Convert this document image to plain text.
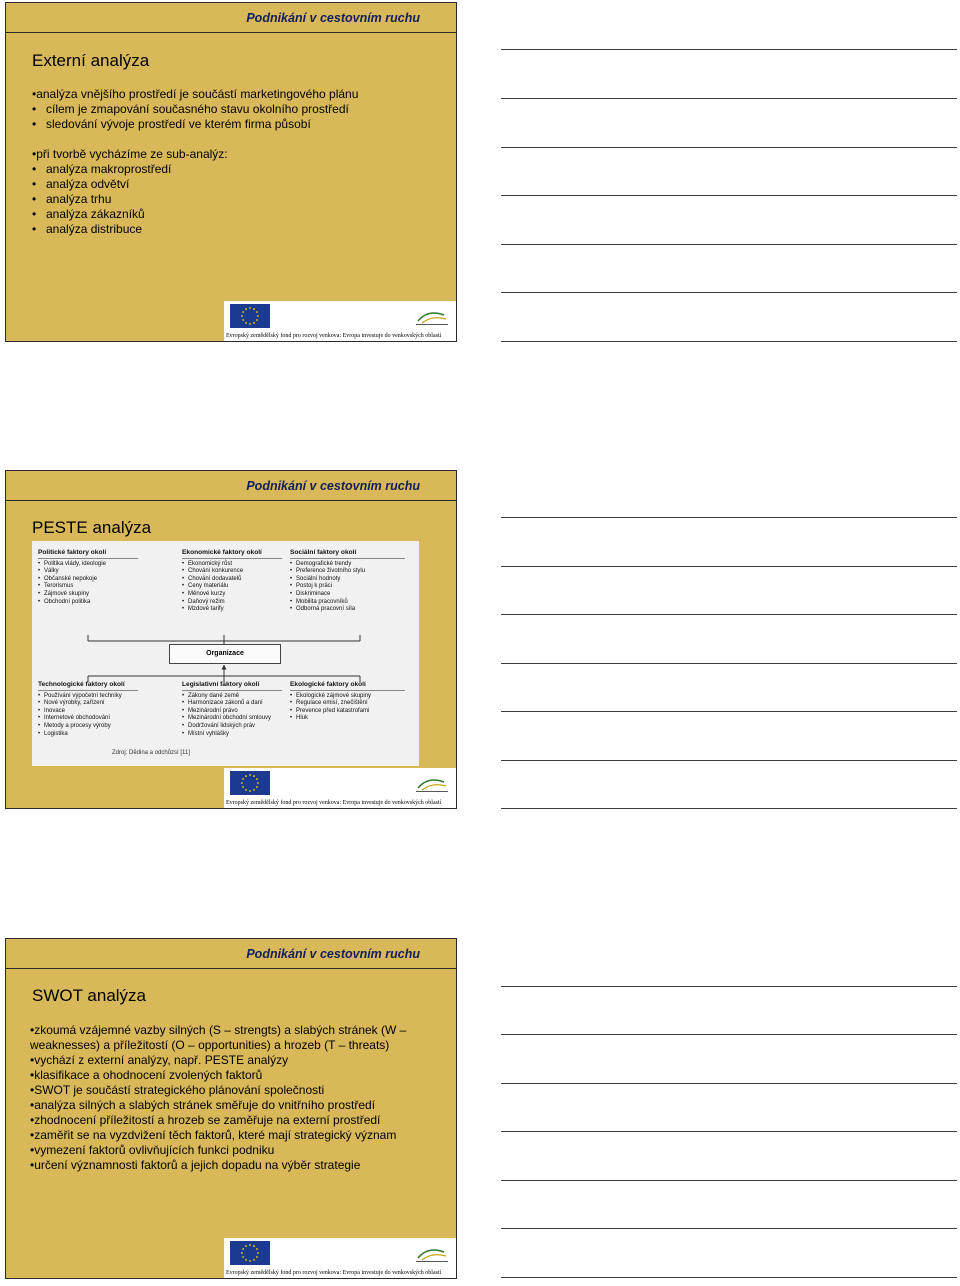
Podnikání v cestovním ruchu
Externí analýza
•analýza vnějšího prostředí je součástí marketingového plánu
• cílem je zmapování současného stavu okolního prostředí
• sledování vývoje prostředí ve kterém firma působí
•při tvorbě vycházíme ze sub-analýz:
• analýza makroprostředí
• analýza odvětví
• analýza trhu
• analýza zákazníků
• analýza distribuce
Evropský zemědělský fond pro rozvoj venkova: Evropa investuje do venkovských oblastí
Podnikání v cestovním ruchu
PESTE analýza
Politické faktory okolí
• Politika vlády, ideologie
• Války
• Občanské nepokoje
• Terorismus
• Zájmové skupiny
• Obchodní politika
Ekonomické faktory okolí
• Ekonomický růst
• Chování konkurence
• Chování dodavatelů
• Ceny materiálu
• Měnové kurzy
• Daňový režim
• Mzdové tarify
Sociální faktory okolí
• Demografické trendy
• Preference životního stylu
• Sociální hodnoty
• Postoj k práci
• Diskriminace
• Mobilita pracovníků
• Odborná pracovní síla
Technologické faktory okolí
• Používání výpočetní techniky
• Nové výrobky, zařízení
• Inovace
• Internetové obchodování
• Metody a procesy výroby
• Logistika
Legislativní faktory okolí
• Zákony dané země
• Harmonizace zákonů a daní
• Mezinárodní právo
• Mezinárodní obchodní smlouvy
• Dodržování lidských práv
• Místní vyhlášky
Ekologické faktory okolí
• Ekologické zájmové skupiny
• Regulace emisí, znečištění
• Prevence před katastrofami
• Hluk
Organizace
Zdroj: Dědina a odchůzsí [11]
Evropský zemědělský fond pro rozvoj venkova: Evropa investuje do venkovských oblastí
Podnikání v cestovním ruchu
SWOT analýza
•zkoumá vzájemné vazby silných (S – strengts) a slabých stránek (W –
weaknesses) a příležitostí (O – opportunities) a hrozeb (T – threats)
•vychází z externí analýzy, např. PESTE analýzy
•klasifikace a ohodnocení zvolených faktorů
•SWOT je součástí strategického plánování společnosti
•analýza silných a slabých stránek směřuje do vnitřního prostředí
•zhodnocení příležitostí a hrozeb se zaměřuje na externí prostředí
•zaměřit se na vyzdvižení těch faktorů, které mají strategický význam
•vymezení faktorů ovlivňujících funkci podniku
•určení významnosti faktorů a jejich dopadu na výběr strategie
Evropský zemědělský fond pro rozvoj venkova: Evropa investuje do venkovských oblastí
